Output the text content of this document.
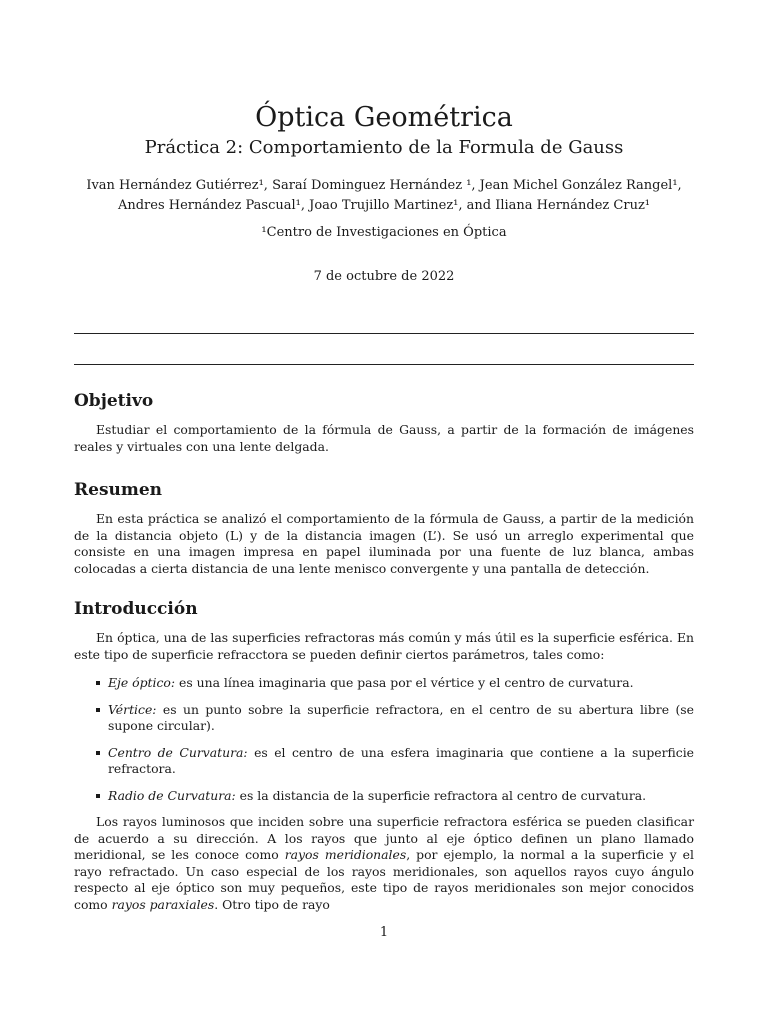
Óptica Geométrica
Práctica 2: Comportamiento de la Formula de Gauss
Ivan Hernández Gutiérrez¹, Saraí Dominguez Hernández ¹, Jean Michel González Rangel¹,
Andres Hernández Pascual¹, Joao Trujillo Martinez¹, and Iliana Hernández Cruz¹
¹Centro de Investigaciones en Óptica
7 de octubre de 2022
Objetivo

Estudiar el comportamiento de la fórmula de Gauss, a partir de la formación de imágenes reales y virtuales con una lente delgada.

Resumen

En esta práctica se analizó el comportamiento de la fórmula de Gauss, a partir de la medición de la distancia objeto (L) y de la distancia imagen (L’). Se usó un arreglo experimental que consiste en una imagen impresa en papel iluminada por una fuente de luz blanca, ambas colocadas a cierta distancia de una lente menisco convergente y una pantalla de detección.

Introducción

En óptica, una de las superficies refractoras más común y más útil es la superficie esférica. En este tipo de superficie refracctora se pueden definir ciertos parámetros, tales como:

Eje óptico: es una línea imaginaria que pasa por el vértice y el centro de curvatura.
Vértice: es un punto sobre la superficie refractora, en el centro de su abertura libre (se supone circular).
Centro de Curvatura: es el centro de una esfera imaginaria que contiene a la superficie refractora.
Radio de Curvatura: es la distancia de la superficie refractora al centro de curvatura.

Los rayos luminosos que inciden sobre una superficie refractora esférica se pueden clasificar de acuerdo a su dirección. A los rayos que junto al eje óptico definen un plano llamado meridional, se les conoce como rayos meridionales, por ejemplo, la normal a la superficie y el rayo refractado. Un caso especial de los rayos meridionales, son aquellos rayos cuyo ángulo respecto al eje óptico son muy pequeños, este tipo de rayos meridionales son mejor conocidos como rayos paraxiales. Otro tipo de rayo

1
